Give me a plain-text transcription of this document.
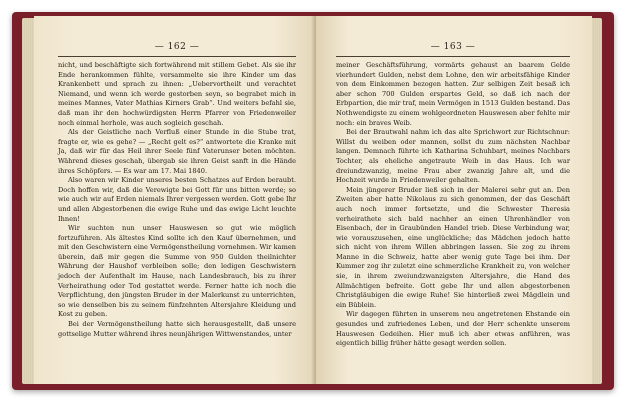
— 162 —

nicht, und beschäftigte sich fortwährend mit stillem Gebet. Als sie ihr Ende herankommen fühlte, versammelte sie ihre Kinder um das Krankenbett und sprach zu ihnen: „Uebervortheilt und verachtet Niemand, und wenn ich werde gestorben seyn, so begrabet mich in meines Mannes, Vater Mathias Kirners Grab“. Und weiters befahl sie, daß man ihr den hochwürdigsten Herrn Pfarrer von Friedenweiler noch einmal herhole, was auch sogleich geschah.

Als der Geistliche nach Verfluß einer Stunde in die Stube trat, fragte er, wie es gehe? — „Recht gelt es?“ antwortete die Kranke mit Ja, daß wir für das Heil ihrer Seele fünf Vaterunser beten möchten. Während dieses geschah, übergab sie ihren Geist sanft in die Hände ihres Schöpfers. — Es war am 17. Mai 1840.

Also waren wir Kinder unseres besten Schatzes auf Erden beraubt. Doch hoffen wir, daß die Verewigte bei Gott für uns bitten werde; so wie auch wir auf Erden niemals Ihrer vergessen werden. Gott gebe Ihr und allen Abgestorbenen die ewige Ruhe und das ewige Licht leuchte Ihnen!

Wir suchten nun unser Hauswesen so gut wie möglich fortzuführen. Als ältestes Kind sollte ich den Kauf übernehmen, und mit den Geschwistern eine Vermögenstheilung vornehmen. Wir kamen überein, daß mir gegen die Summe von 950 Gulden theilnichter Währung der Haushof verbleiben solle; den ledigen Geschwistern jedoch der Aufenthalt im Hause, nach Landesbrauch, bis zu ihrer Verheirathung oder Tod gestattet werde. Ferner hatte ich noch die Verpflichtung, den jüngsten Bruder in der Malerkunst zu unterrichten, so wie denselben bis zu seinem fünfzehnten Altersjahre Kleidung und Kost zu geben.

Bei der Vermögenstheilung hatte sich herausgestellt, daß unsere gottselige Mutter während ihres neunjährigen Wittwenstandes, unter

— 163 —

meiner Geschäftsführung, vormärts gehaust an baarem Gelde vierhundert Gulden, nebst dem Lohne, den wir arbeitsfähige Kinder von dem Einkommen bezogen hatten. Zur selbigen Zeit besaß ich aber schon 700 Gulden erspartes Geld, so daß ich nach der Erbpartion, die mir traf, mein Vermögen in 1513 Gulden bestand. Das Nothwendigste zu einem wohlgeordneten Hauswesen aber fehlte mir noch: ein braves Weib.

Bei der Brautwahl nahm ich das alte Sprichwort zur Richtschnur: Willst du weiben oder mannen, sollst du zum nächsten Nachbar langen. Demnach führte ich Katharina Schuhbart, meines Nachbars Tochter, als eheliche angetraute Weib in das Haus. Ich war dreiundzwanzig, meine Frau aber zwanzig Jahre alt, und die Hochzeit wurde in Friedenweiler gehalten.

Mein jüngerer Bruder ließ sich in der Malerei sehr gut an. Den Zweiten aber hatte Nikolaus zu sich genommen, der das Geschäft auch noch immer fortsetzte, und die Schwester Theresia verheirathete sich bald nachher an einen Uhrenhändler von Eisenbach, der in Graubünden Handel trieb. Diese Verbindung war, wie vorauszusehen, eine unglückliche; das Mädchen jedoch hatte sich nicht von ihrem Willen abbringen lassen. Sie zog zu ihrem Manne in die Schweiz, hatte aber wenig gute Tage bei ihm. Der Kummer zog ihr zuletzt eine schmerzliche Krankheit zu, von welcher sie, in ihrem zweiundzwanzigsten Altersjahre, die Hand des Allmächtigen befreite. Gott gebe Ihr und allen abgestorbenen Christgläubigen die ewige Ruhe! Sie hinterließ zwei Mägdlein und ein Büblein.

Wir dagegen führten in unserem neu angetretenen Ehstande ein gesundes und zufriedenes Leben, und der Herr schenkte unserem Hauswesen Gedeihen. Hier muß ich aber etwas anführen, was eigentlich billig früher hätte gesagt werden sollen.
